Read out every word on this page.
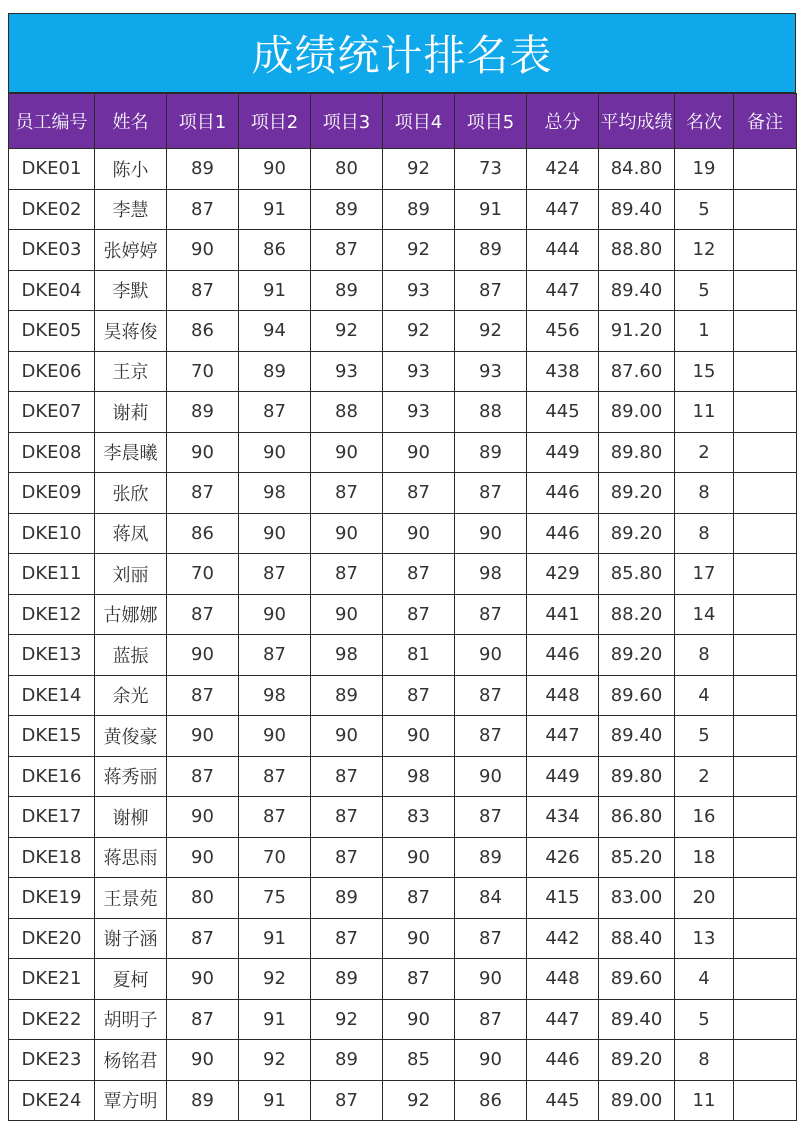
成绩统计排名表
员工编号	姓名	项目1	项目2	项目3	项目4	项目5	总分	平均成绩	名次	备注
DKE01	陈小	89	90	80	92	73	424	84.80	19	
DKE02	李慧	87	91	89	89	91	447	89.40	5	
DKE03	张婷婷	90	86	87	92	89	444	88.80	12	
DKE04	李默	87	91	89	93	87	447	89.40	5	
DKE05	昊蒋俊	86	94	92	92	92	456	91.20	1	
DKE06	王京	70	89	93	93	93	438	87.60	15	
DKE07	谢莉	89	87	88	93	88	445	89.00	11	
DKE08	李晨曦	90	90	90	90	89	449	89.80	2	
DKE09	张欣	87	98	87	87	87	446	89.20	8	
DKE10	蒋凤	86	90	90	90	90	446	89.20	8	
DKE11	刘丽	70	87	87	87	98	429	85.80	17	
DKE12	古娜娜	87	90	90	87	87	441	88.20	14	
DKE13	蓝振	90	87	98	81	90	446	89.20	8	
DKE14	余光	87	98	89	87	87	448	89.60	4	
DKE15	黄俊豪	90	90	90	90	87	447	89.40	5	
DKE16	蒋秀丽	87	87	87	98	90	449	89.80	2	
DKE17	谢柳	90	87	87	83	87	434	86.80	16	
DKE18	蒋思雨	90	70	87	90	89	426	85.20	18	
DKE19	王景苑	80	75	89	87	84	415	83.00	20	
DKE20	谢子涵	87	91	87	90	87	442	88.40	13	
DKE21	夏柯	90	92	89	87	90	448	89.60	4	
DKE22	胡明子	87	91	92	90	87	447	89.40	5	
DKE23	杨铭君	90	92	89	85	90	446	89.20	8	
DKE24	覃方明	89	91	87	92	86	445	89.00	11	
